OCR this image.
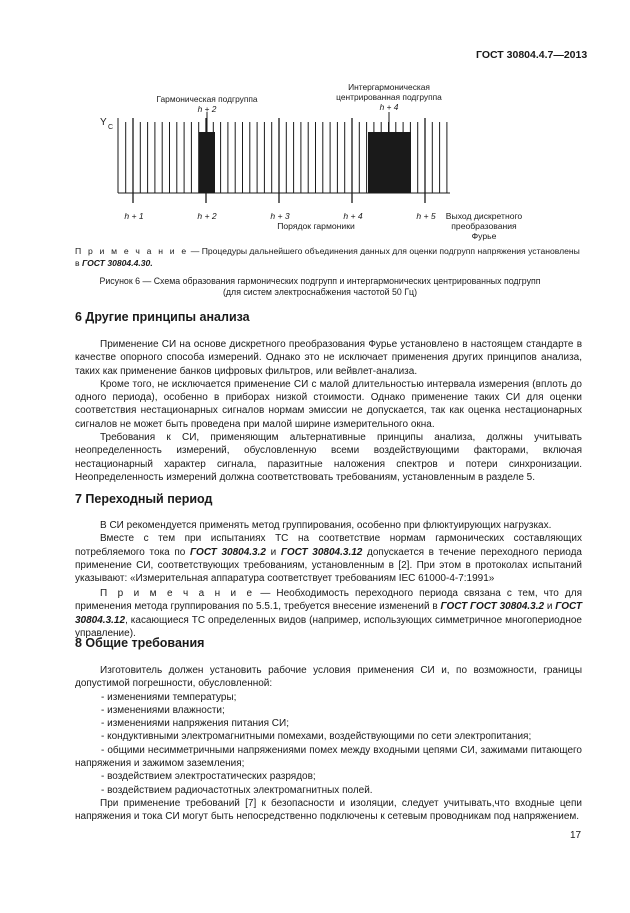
ГОСТ 30804.4.7—2013
Гармоническая подгруппа
h + 2
Интергармоническая
центрированная подгруппа
h + 4
Y C
h + 1	h + 2	h + 3	h + 4	h + 5
Порядок гармоники
Выход дискретного
преобразования
Фурье
П р и м е ч а н и е — Процедуры дальнейшего объединения данных для оценки подгрупп напряжения установлены в ГОСТ 30804.4.30.
Рисунок 6 — Схема образования гармонических подгрупп и интергармонических центрированных подгрупп
(для систем электроснабжения частотой 50 Гц)
6 Другие принципы анализа

Применение СИ на основе дискретного преобразования Фурье установлено в настоящем стандарте в качестве опорного способа измерений. Однако это не исключает применения других принципов анализа, таких как применение банков цифровых фильтров, или вейвлет-анализа.

Кроме того, не исключается применение СИ с малой длительностью интервала измерения (вплоть до одного периода), особенно в приборах низкой стоимости. Однако применение таких СИ для оценки соответствия нестационарных сигналов нормам эмиссии не допускается, так как оценка нестационарных сигналов не может быть проведена при малой ширине измерительного окна.

Требования к СИ, применяющим альтернативные принципы анализа, должны учитывать неопределенность измерений, обусловленную всеми воздействующими факторами, включая нестационарный характер сигнала, паразитные наложения спектров и потери синхронизации. Неопределенность измерений должна соответствовать требованиям, установленным в разделе 5.

7 Переходный период

В СИ рекомендуется применять метод группирования, особенно при флюктуирующих нагрузках.

Вместе с тем при испытаниях ТС на соответствие нормам гармонических составляющих потребляемого тока по ГОСТ 30804.3.2 и ГОСТ 30804.3.12 допускается в течение переходного периода применение СИ, соответствующих требованиям, установленным в [2]. При этом в протоколах испытаний указывают: «Измерительная аппаратура соответствует требованиям IEC 61000-4-7:1991»

П р и м е ч а н и е — Необходимость переходного периода связана с тем, что для применения метода группирования по 5.5.1, требуется внесение изменений в ГОСТ ГОСТ 30804.3.2 и ГОСТ 30804.3.12, касающиеся ТС определенных видов (например, использующих симметричное многопериодное управление).

8 Общие требования

Изготовитель должен установить рабочие условия применения СИ и, по возможности, границы допустимой погрешности, обусловленной:

- изменениями температуры;

- изменениями влажности;

- изменениями напряжения питания СИ;

- кондуктивными электромагнитными помехами, воздействующими по сети электропитания;

- общими несимметричными напряжениями помех между входными цепями СИ, зажимами питающего напряжения и зажимом заземления;

- воздействием электростатических разрядов;

- воздействием радиочастотных электромагнитных полей.

При применение требований [7] к безопасности и изоляции, следует учитывать,что входные цепи напряжения и тока СИ могут быть непосредственно подключены к сетевым проводникам под напряжением.

17
